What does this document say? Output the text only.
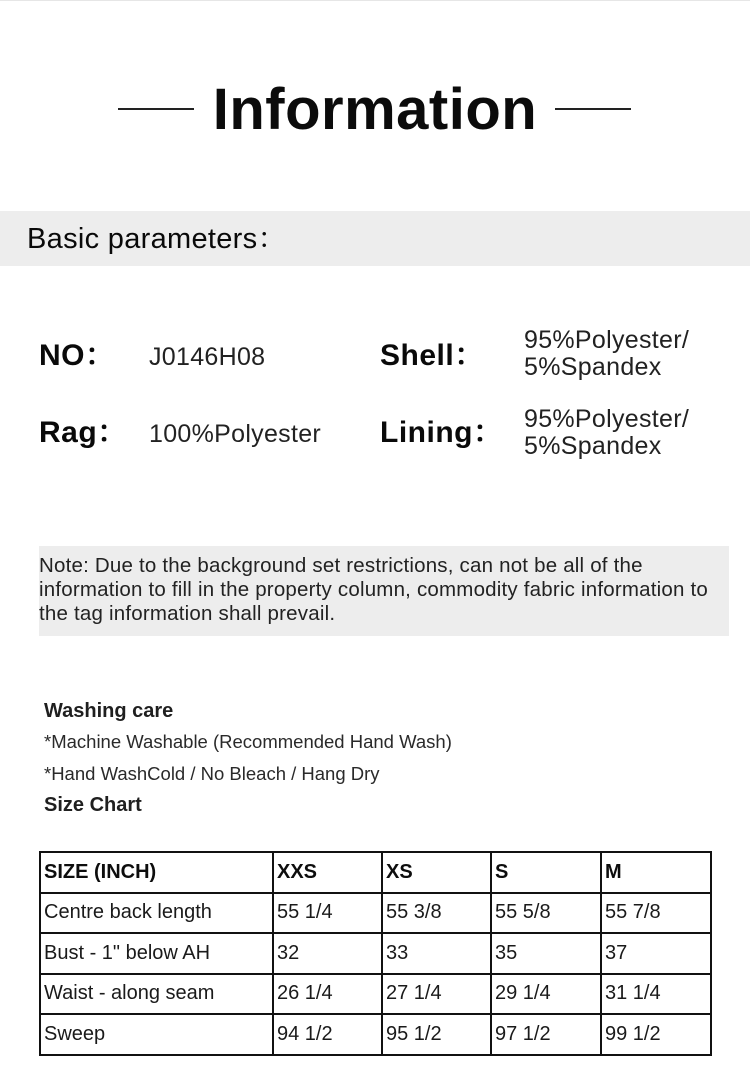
Information
Basic parameters：
NO： J0146H08	Shell： 95%Polyester/
5%Spandex
Rag： 100%Polyester Lining： 95%Polyester/
5%Spandex
Note: Due to the background set restrictions, can not be all of the information to fill in the property column, commodity fabric information to the tag information shall prevail.
Washing care
*Machine Washable (Recommended Hand Wash)
*Hand WashCold / No Bleach / Hang Dry
Size Chart
SIZE (INCH)	XXS	XS	S	M
Centre back length	55 1/4	55 3/8	55 5/8	55 7/8
Bust - 1" below AH	32	33	35	37
Waist - along seam	26 1/4	27 1/4	29 1/4	31 1/4
Sweep	94 1/2	95 1/2	97 1/2	99 1/2
